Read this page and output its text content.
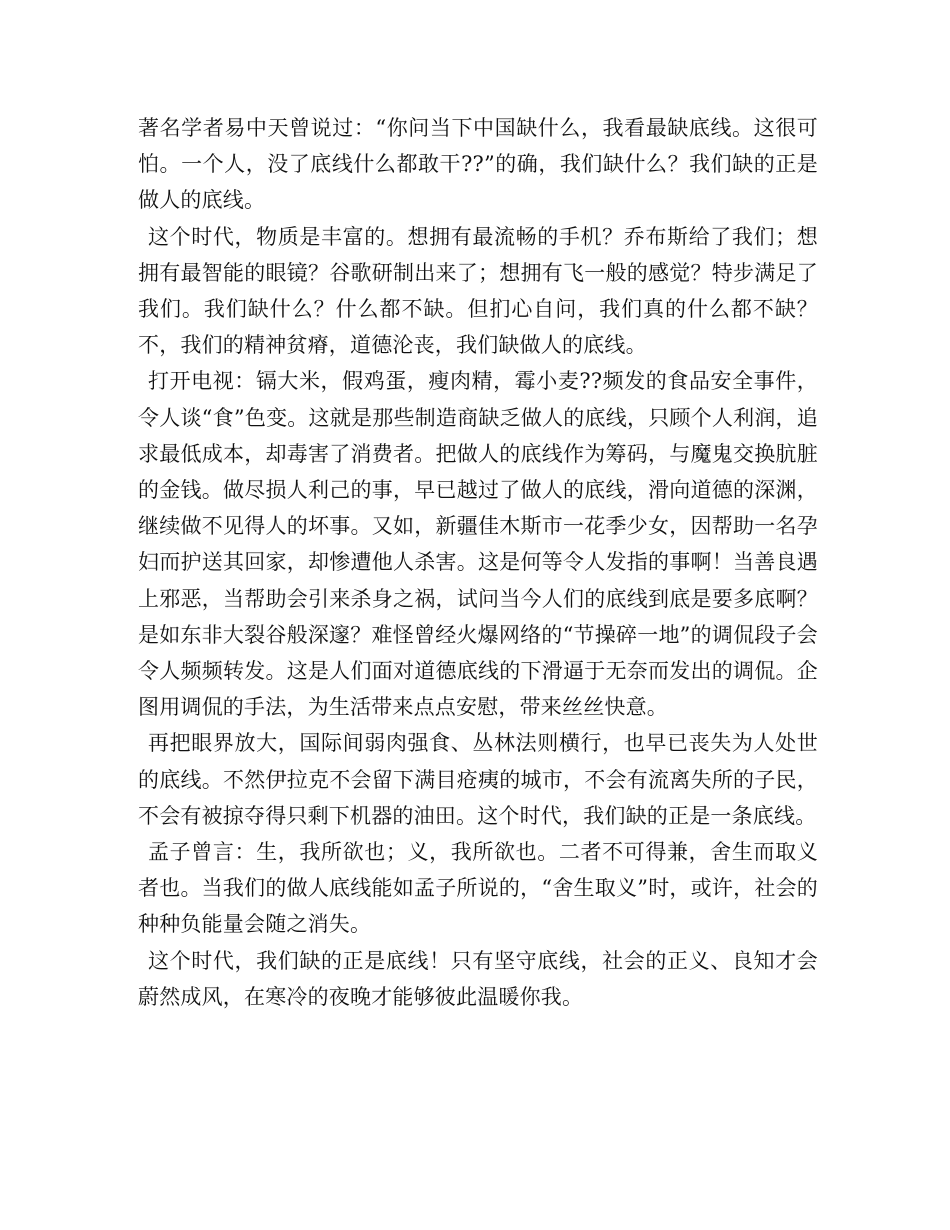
著名学者易中天曾说过：“你问当下中国缺什么，我看最缺底线。这很可怕。一个人，没了底线什么都敢干??”的确，我们缺什么？我们缺的正是做人的底线。

这个时代，物质是丰富的。想拥有最流畅的手机？乔布斯给了我们；想拥有最智能的眼镜？谷歌研制出来了；想拥有飞一般的感觉？特步满足了我们。我们缺什么？什么都不缺。但扪心自问，我们真的什么都不缺？不，我们的精神贫瘠，道德沦丧，我们缺做人的底线。

打开电视：镉大米，假鸡蛋，瘦肉精，霉小麦??频发的食品安全事件，令人谈“食”色变。这就是那些制造商缺乏做人的底线，只顾个人利润，追求最低成本，却毒害了消费者。把做人的底线作为筹码，与魔鬼交换肮脏的金钱。做尽损人利己的事，早已越过了做人的底线，滑向道德的深渊，继续做不见得人的坏事。又如，新疆佳木斯市一花季少女，因帮助一名孕妇而护送其回家，却惨遭他人杀害。这是何等令人发指的事啊！当善良遇上邪恶，当帮助会引来杀身之祸，试问当今人们的底线到底是要多底啊？是如东非大裂谷般深邃？难怪曾经火爆网络的“节操碎一地”的调侃段子会令人频频转发。这是人们面对道德底线的下滑逼于无奈而发出的调侃。企图用调侃的手法，为生活带来点点安慰，带来丝丝快意。

再把眼界放大，国际间弱肉强食、丛林法则横行，也早已丧失为人处世的底线。不然伊拉克不会留下满目疮痍的城市，不会有流离失所的子民，不会有被掠夺得只剩下机器的油田。这个时代，我们缺的正是一条底线。

孟子曾言：生，我所欲也；义，我所欲也。二者不可得兼，舍生而取义者也。当我们的做人底线能如孟子所说的，“舍生取义”时，或许，社会的种种负能量会随之消失。

这个时代，我们缺的正是底线！只有坚守底线，社会的正义、良知才会蔚然成风，在寒冷的夜晚才能够彼此温暖你我。
